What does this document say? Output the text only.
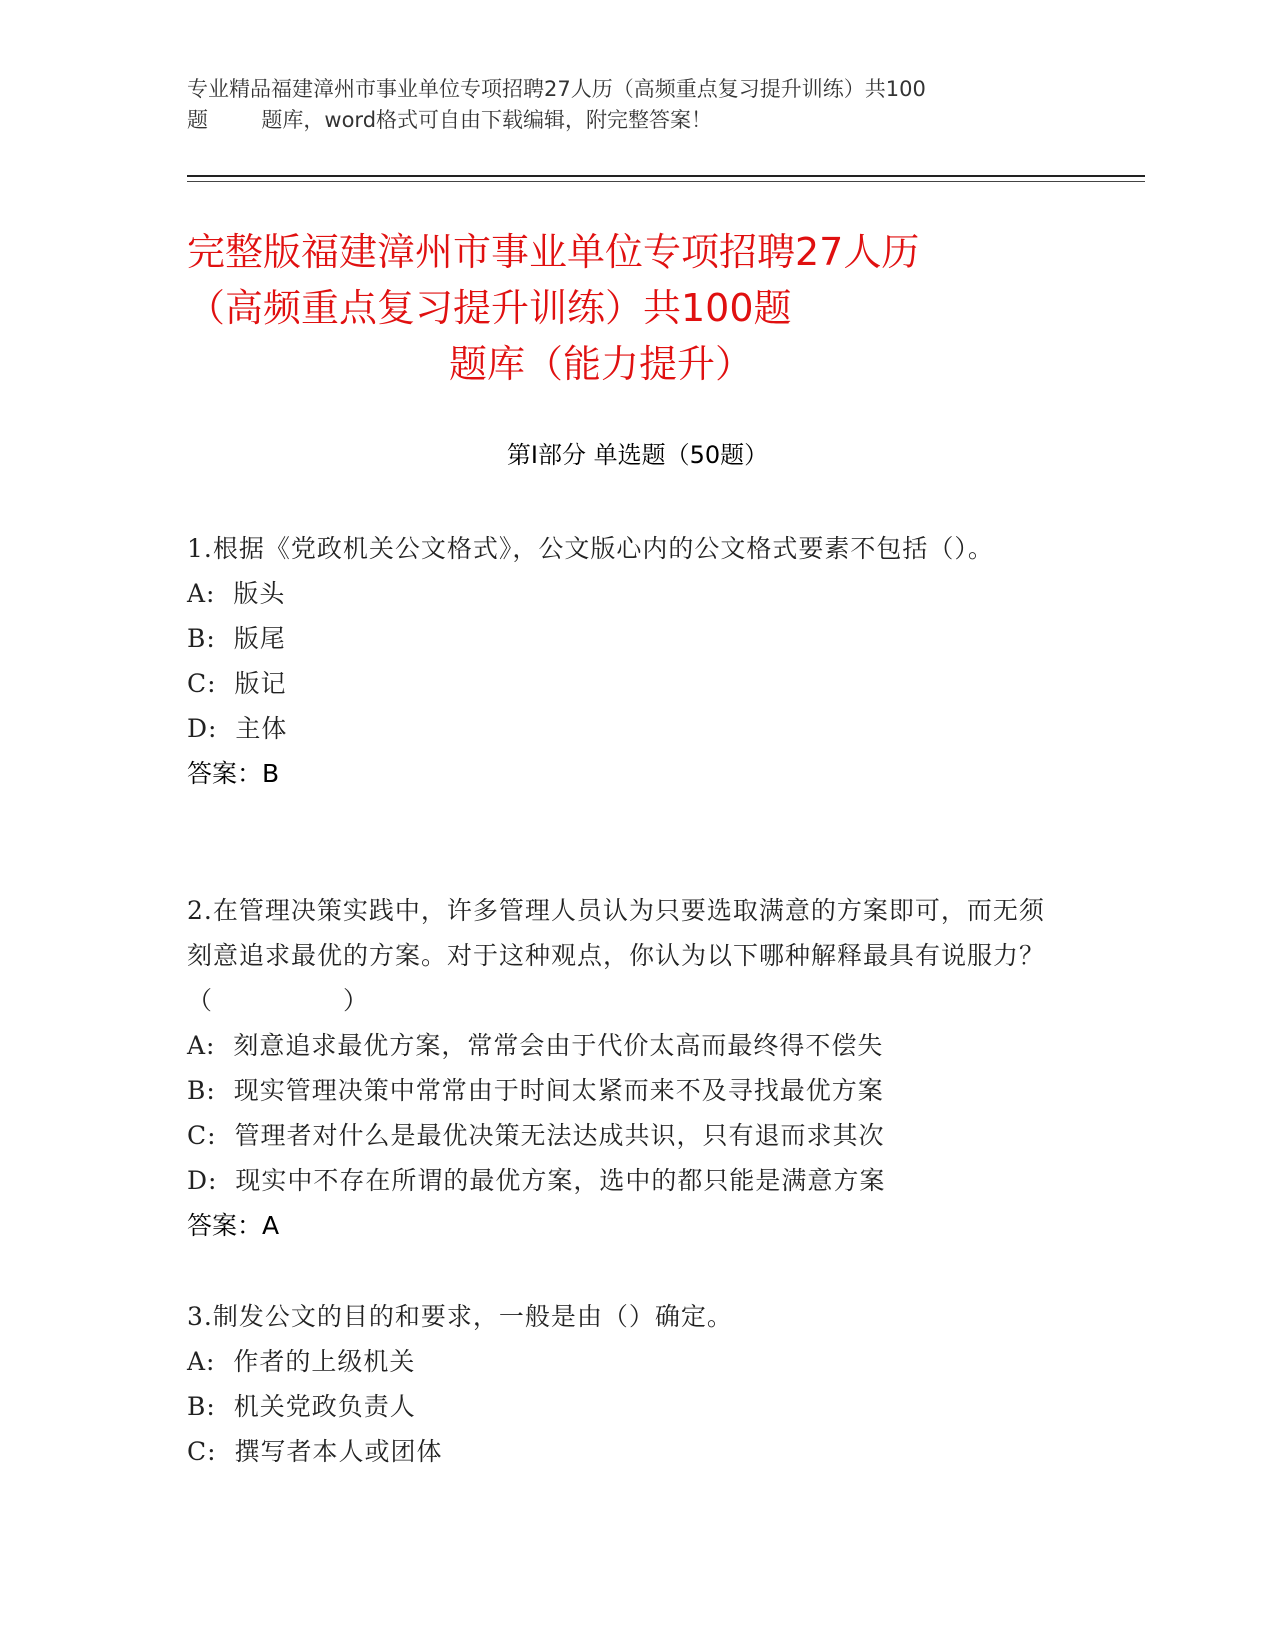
专业精品福建漳州市事业单位专项招聘27人历（高频重点复习提升训练）共100
题	题库，word格式可自由下载编辑，附完整答案！
完整版福建漳州市事业单位专项招聘27人历
（高频重点复习提升训练）共100题
题库（能力提升）
第Ⅰ部分 单选题（50题）
1.根据《党政机关公文格式》，公文版心内的公文格式要素不包括（）。
A:  版头
B:  版尾
C:  版记
D:  主体
答案：B
2.在管理决策实践中，许多管理人员认为只要选取满意的方案即可，而无须刻意追求最优的方案。对于这种观点，你认为以下哪种解释最具有说服力？（	）
A:  刻意追求最优方案，常常会由于代价太高而最终得不偿失
B:  现实管理决策中常常由于时间太紧而来不及寻找最优方案
C:  管理者对什么是最优决策无法达成共识，只有退而求其次
D:  现实中不存在所谓的最优方案，选中的都只能是满意方案
答案：A
3.制发公文的目的和要求，一般是由（）确定。
A:  作者的上级机关
B:  机关党政负责人
C:  撰写者本人或团体
